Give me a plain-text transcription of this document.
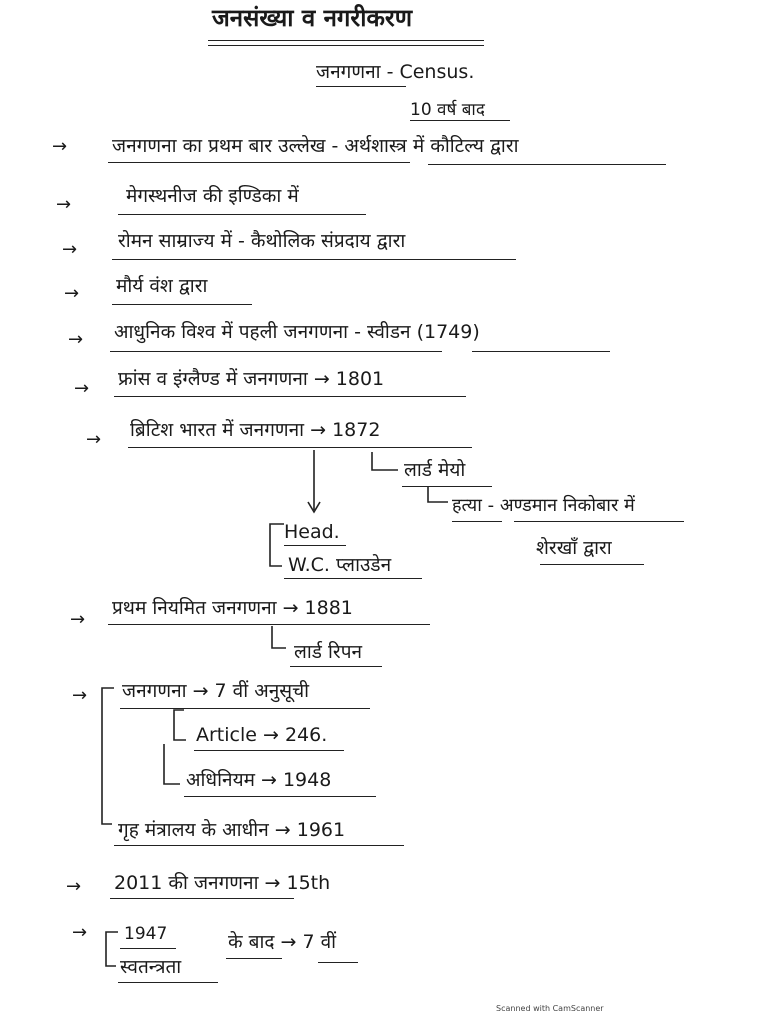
जनसंख्या व नगरीकरण
जनगणना - Census.
10 वर्ष बाद
→ जनगणना का प्रथम बार उल्लेख - अर्थशास्त्र में कौटिल्य द्वारा
→	मेगस्थनीज की इण्डिका में
→ रोमन साम्राज्य में - कैथोलिक संप्रदाय द्वारा
→ मौर्य वंश द्वारा
→ आधुनिक विश्व में पहली जनगणना - स्वीडन (1749)
→ फ्रांस व इंग्लैण्ड में जनगणना → 1801
→ ब्रिटिश भारत में जनगणना → 1872
लार्ड मेयो
हत्या - अण्डमान निकोबार में
शेरखाँ द्वारा
Head.
W.C. प्लाउडेन
→
प्रथम नियमित जनगणना → 1881
लार्ड रिपन
→ जनगणना → 7 वीं अनुसूची
Article → 246.
अधिनियम → 1948
गृह मंत्रालय के आधीन → 1961
→ 2011 की जनगणना → 15th
→ 1947
स्वतन्त्रता
के बाद → 7 वीं
Scanned with CamScanner
